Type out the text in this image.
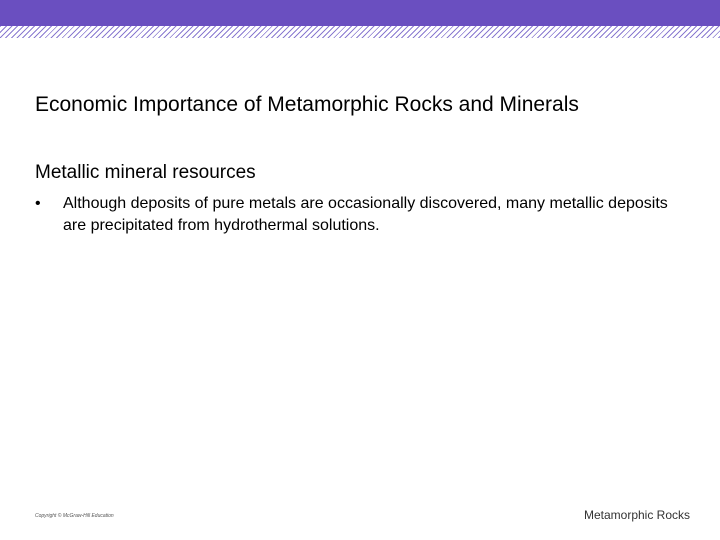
Economic Importance of Metamorphic Rocks and Minerals
Metallic mineral resources
•	Although deposits of pure metals are occasionally discovered, many metallic deposits are precipitated from hydrothermal solutions.
Copyright © McGraw-Hill Education	Metamorphic Rocks
